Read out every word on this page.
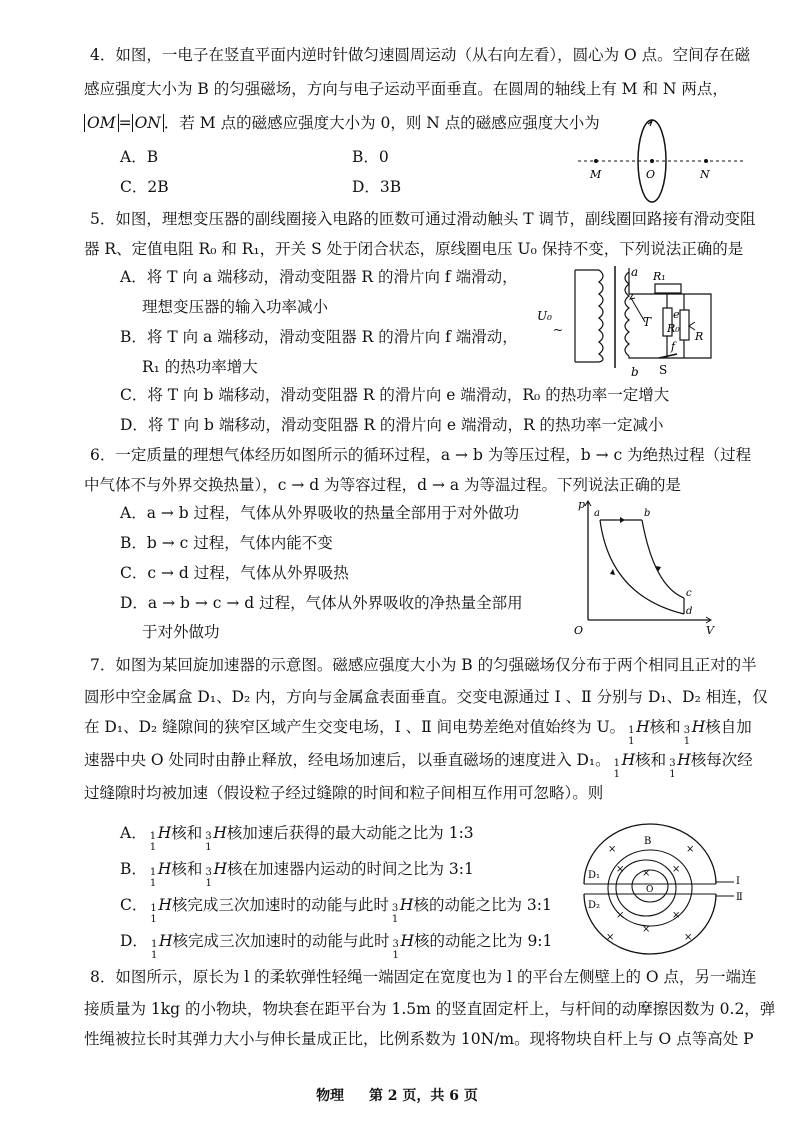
4．如图，一电子在竖直平面内逆时针做匀速圆周运动（从右向左看），圆心为 O 点。空间存在磁
感应强度大小为 B 的匀强磁场，方向与电子运动平面垂直。在圆周的轴线上有 M 和 N 两点，
OM = ON ．若 M 点的磁感应强度大小为 0，则 N 点的磁感应强度大小为
A．B	B．0
C．2B	D．3B
M	O	N
5．如图，理想变压器的副线圈接入电路的匝数可通过滑动触头 T 调节，副线圈回路接有滑动变阻
器 R、定值电阻 R₀ 和 R₁，开关 S 处于闭合状态，原线圈电压 U₀ 保持不变，下列说法正确的是
A．将 T 向 a 端移动，滑动变阻器 R 的滑片向 f 端滑动，
理想变压器的输入功率减小
B．将 T 向 a 端移动，滑动变阻器 R 的滑片向 f 端滑动，
R₁ 的热功率增大
C．将 T 向 b 端移动，滑动变阻器 R 的滑片向 e 端滑动，R₀ 的热功率一定增大
D．将 T 向 b 端移动，滑动变阻器 R 的滑片向 e 端滑动，R 的热功率一定减小
U₀
~
a
b
T R₀
R₁
e
f
R
S
6．一定质量的理想气体经历如图所示的循环过程，a → b 为等压过程，b → c 为绝热过程（过程
中气体不与外界交换热量），c → d 为等容过程，d → a 为等温过程。下列说法正确的是
A．a → b 过程，气体从外界吸收的热量全部用于对外做功
B．b → c 过程，气体内能不变
C．c → d 过程，气体从外界吸热
D．a → b → c → d 过程，气体从外界吸收的净热量全部用
于对外做功
p
V
O
a	b
c
d
7．如图为某回旋加速器的示意图。磁感应强度大小为 B 的匀强磁场仅分布于两个相同且正对的半
圆形中空金属盒 D₁、D₂ 内，方向与金属盒表面垂直。交变电源通过 Ⅰ 、Ⅱ 分别与 D₁、D₂ 相连，仅
在 D₁、D₂ 缝隙间的狭窄区域产生交变电场，Ⅰ 、Ⅱ 间电势差绝对值始终为 U。 1
1
H核和 3
1
H核自加
速器中央 O 处同时由静止释放，经电场加速后，以垂直磁场的速度进入 D₁。 1
1
H核和 3
1
H核每次经
过缝隙时均被加速（假设粒子经过缝隙的时间和粒子间相互作用可忽略）。则
A． 1
1
H核和 3
1
H核加速后获得的最大动能之比为 1:3
B． 1
1
H核和 3
1
H核在加速器内运动的时间之比为 3:1
C． 1
1
H核完成三次加速时的动能与此时 3
1
H核的动能之比为 3:1
D． 1
1
H核完成三次加速时的动能与此时 3
1
H核的动能之比为 9:1
B
×	×
×	×
×
×	×
×
×	×
D₁
D₂
O
Ⅰ
Ⅱ
8．如图所示，原长为 l 的柔软弹性轻绳一端固定在宽度也为 l 的平台左侧壁上的 O 点，另一端连
接质量为 1kg 的小物块，物块套在距平台为 1.5m 的竖直固定杆上，与杆间的动摩擦因数为 0.2，弹
性绳被拉长时其弹力大小与伸长量成正比，比例系数为 10N/m。现将物块自杆上与 O 点等高处 P
物理 第 2 页，共 6 页
